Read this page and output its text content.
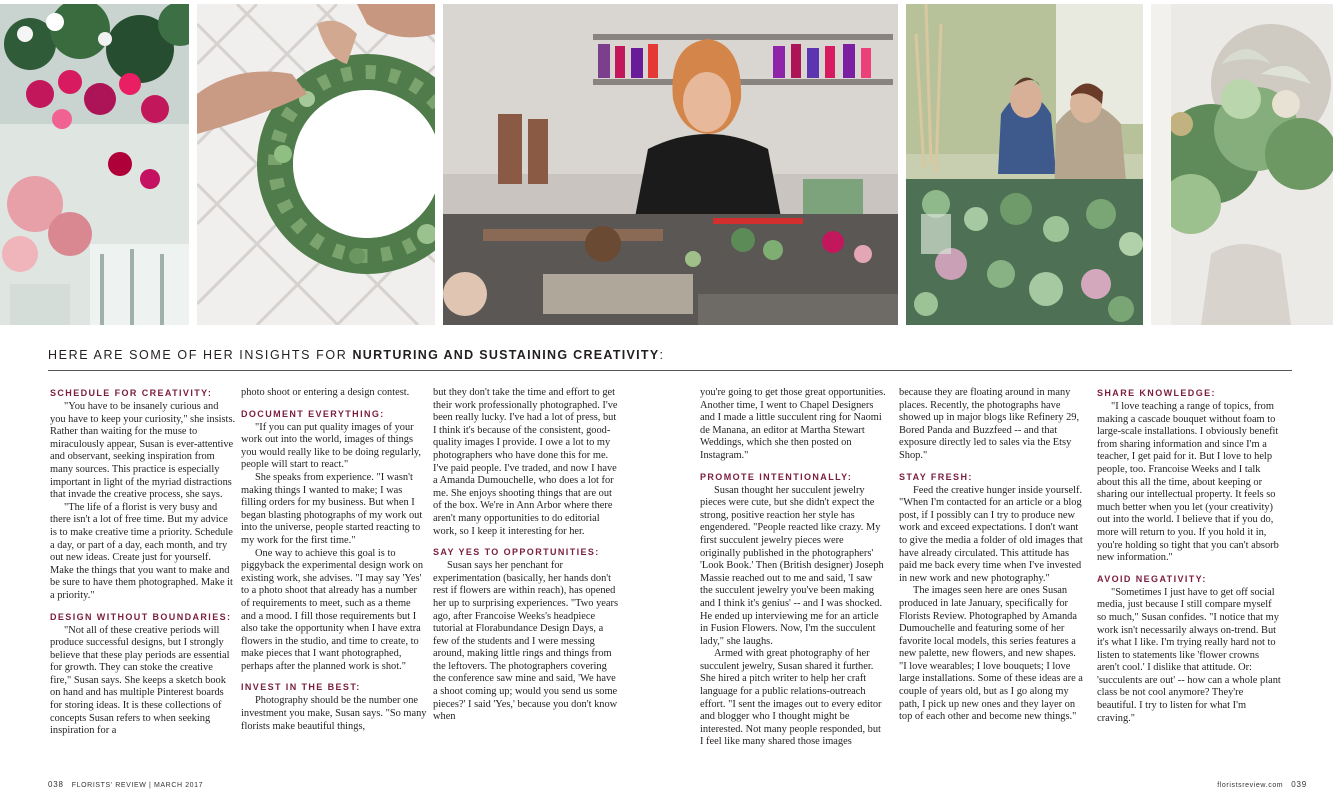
HERE ARE SOME OF HER INSIGHTS FOR NURTURING AND SUSTAINING CREATIVITY:
SCHEDULE FOR CREATIVITY:

"You have to be insanely curious and you have to keep your curiosity," she insists. Rather than waiting for the muse to miraculously appear, Susan is ever-attentive and observant, seeking inspiration from many sources. This practice is especially important in light of the myriad distractions that invade the creative process, she says.

"The life of a florist is very busy and there isn't a lot of free time. But my advice is to make creative time a priority. Schedule a day, or part of a day, each month, and try out new ideas. Create just for yourself. Make the things that you want to make and be sure to have them photographed. Make it a priority."

DESIGN WITHOUT BOUNDARIES:

"Not all of these creative periods will produce successful designs, but I strongly believe that these play periods are essential for growth. They can stoke the creative fire," Susan says. She keeps a sketch book on hand and has multiple Pinterest boards for storing ideas. It is these collections of concepts Susan refers to when seeking inspiration for a

photo shoot or entering a design contest.

DOCUMENT EVERYTHING:

"If you can put quality images of your work out into the world, images of things you would really like to be doing regularly, people will start to react."

She speaks from experience. "I wasn't making things I wanted to make; I was filling orders for my business. But when I began blasting photographs of my work out into the universe, people started reacting to my work for the first time."

One way to achieve this goal is to piggyback the experimental design work on existing work, she advises. "I may say 'Yes' to a photo shoot that already has a number of requirements to meet, such as a theme and a mood. I fill those requirements but I also take the opportunity when I have extra flowers in the studio, and time to create, to make pieces that I want photographed, perhaps after the planned work is shot."

INVEST IN THE BEST:

Photography should be the number one investment you make, Susan says. "So many florists make beautiful things,

but they don't take the time and effort to get their work professionally photographed. I've been really lucky. I've had a lot of press, but I think it's because of the consistent, good-quality images I provide. I owe a lot to my photographers who have done this for me. I've paid people. I've traded, and now I have a Amanda Dumouchelle, who does a lot for me. She enjoys shooting things that are out of the box. We're in Ann Arbor where there aren't many opportunities to do editorial work, so I keep it interesting for her.

SAY YES TO OPPORTUNITIES:

Susan says her penchant for experimentation (basically, her hands don't rest if flowers are within reach), has opened her up to surprising experiences. "Two years ago, after Francoise Weeks's headpiece tutorial at Florabundance Design Days, a few of the students and I were messing around, making little rings and things from the leftovers. The photographers covering the conference saw mine and said, 'We have a shoot coming up; would you send us some pieces?' I said 'Yes,' because you don't know when

you're going to get those great opportunities. Another time, I went to Chapel Designers and I made a little succulent ring for Naomi de Manana, an editor at Martha Stewart Weddings, which she then posted on Instagram."

PROMOTE INTENTIONALLY:

Susan thought her succulent jewelry pieces were cute, but she didn't expect the strong, positive reaction her style has engendered. "People reacted like crazy. My first succulent jewelry pieces were originally published in the photographers' 'Look Book.' Then (British designer) Joseph Massie reached out to me and said, 'I saw the succulent jewelry you've been making and I think it's genius' -- and I was shocked. He ended up interviewing me for an article in Fusion Flowers. Now, I'm the succulent lady," she laughs.

Armed with great photography of her succulent jewelry, Susan shared it further. She hired a pitch writer to help her craft language for a public relations-outreach effort. "I sent the images out to every editor and blogger who I thought might be interested. Not many people responded, but I feel like many shared those images

because they are floating around in many places. Recently, the photographs have showed up in major blogs like Refinery 29, Bored Panda and Buzzfeed -- and that exposure directly led to sales via the Etsy Shop."

STAY FRESH:

Feed the creative hunger inside yourself. "When I'm contacted for an article or a blog post, if I possibly can I try to produce new work and exceed expectations. I don't want to give the media a folder of old images that have already circulated. This attitude has paid me back every time when I've invested in new work and new photography."

The images seen here are ones Susan produced in late January, specifically for Florists Review. Photographed by Amanda Dumouchelle and featuring some of her favorite local models, this series features a new palette, new flowers, and new shapes. "I love wearables; I love bouquets; I love large installations. Some of these ideas are a couple of years old, but as I go along my path, I pick up new ones and they layer on top of each other and become new things."

SHARE KNOWLEDGE:

"I love teaching a range of topics, from making a cascade bouquet without foam to large-scale installations. I obviously benefit from sharing information and since I'm a teacher, I get paid for it. But I love to help people, too. Francoise Weeks and I talk about this all the time, about keeping or sharing our intellectual property. It feels so much better when you let (your creativity) out into the world. I believe that if you do, more will return to you. If you hold it in, you're holding so tight that you can't absorb new information."

AVOID NEGATIVITY:

"Sometimes I just have to get off social media, just because I still compare myself so much," Susan confides. "I notice that my work isn't necessarily always on-trend. But it's what I like. I'm trying really hard not to listen to statements like 'flower crowns aren't cool.' I dislike that attitude. Or: 'succulents are out' -- how can a whole plant class be not cool anymore? They're beautiful. I try to listen for what I'm craving."

038 FLORISTS' REVIEW | MARCH 2017	floristsreview.com 039
